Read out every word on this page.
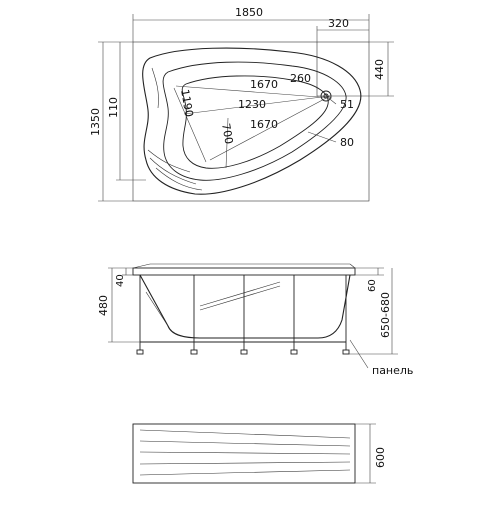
1850
320
440
1350
110
1670 260
51
1190	1230
700 1670
80
480
40	60
650-680
панель
600
